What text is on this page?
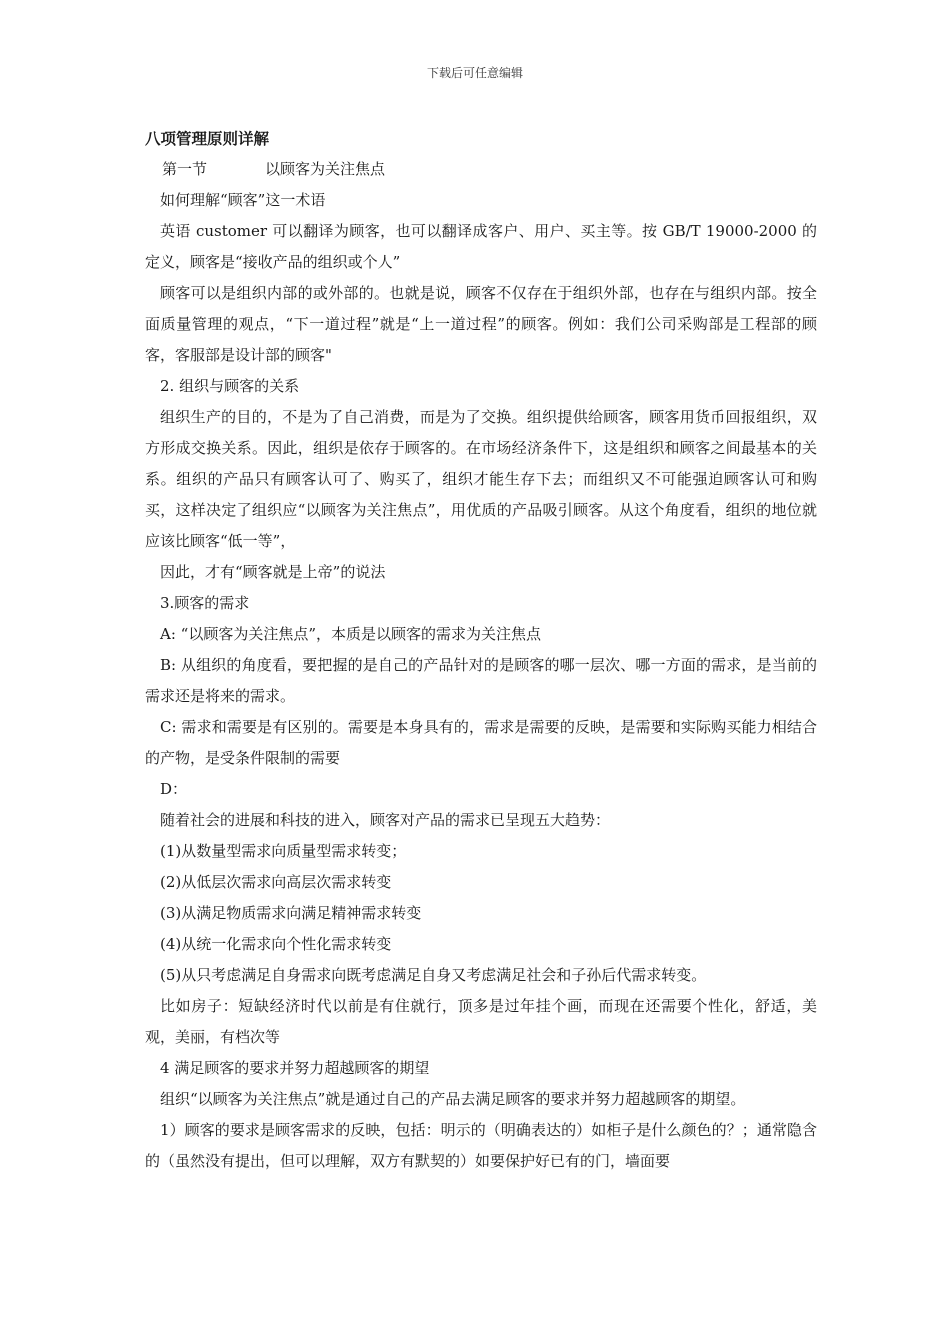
下载后可任意编辑
八项管理原则详解
第一节	以顾客为关注焦点

如何理解“顾客”这一术语

英语 customer 可以翻译为顾客，也可以翻译成客户、用户、买主等。按 GB/T 19000-2000 的定义，顾客是“接收产品的组织或个人”

顾客可以是组织内部的或外部的。也就是说，顾客不仅存在于组织外部，也存在与组织内部。按全面质量管理的观点，“下一道过程”就是“上一道过程”的顾客。例如：我们公司采购部是工程部的顾客，客服部是设计部的顾客"

2. 组织与顾客的关系

组织生产的目的，不是为了自己消费，而是为了交换。组织提供给顾客，顾客用货币回报组织，双方形成交换关系。因此，组织是依存于顾客的。在市场经济条件下，这是组织和顾客之间最基本的关系。组织的产品只有顾客认可了、购买了，组织才能生存下去；而组织又不可能强迫顾客认可和购买，这样决定了组织应“以顾客为关注焦点”，用优质的产品吸引顾客。从这个角度看，组织的地位就应该比顾客“低一等”，

因此，才有“顾客就是上帝”的说法

3.顾客的需求

A: “以顾客为关注焦点”，本质是以顾客的需求为关注焦点

B: 从组织的角度看，要把握的是自己的产品针对的是顾客的哪一层次、哪一方面的需求，是当前的需求还是将来的需求。

C: 需求和需要是有区别的。需要是本身具有的，需求是需要的反映，是需要和实际购买能力相结合的产物，是受条件限制的需要

D：

随着社会的进展和科技的进入，顾客对产品的需求已呈现五大趋势：

(1)从数量型需求向质量型需求转变；

(2)从低层次需求向高层次需求转变

(3)从满足物质需求向满足精神需求转变

(4)从统一化需求向个性化需求转变

(5)从只考虑满足自身需求向既考虑满足自身又考虑满足社会和子孙后代需求转变。

比如房子：短缺经济时代以前是有住就行，顶多是过年挂个画，而现在还需要个性化，舒适，美观，美丽，有档次等

4 满足顾客的要求并努力超越顾客的期望

组织“以顾客为关注焦点”就是通过自己的产品去满足顾客的要求并努力超越顾客的期望。

1）顾客的要求是顾客需求的反映，包括：明示的（明确表达的）如柜子是什么颜色的？；通常隐含的（虽然没有提出，但可以理解，双方有默契的）如要保护好已有的门，墙面要
